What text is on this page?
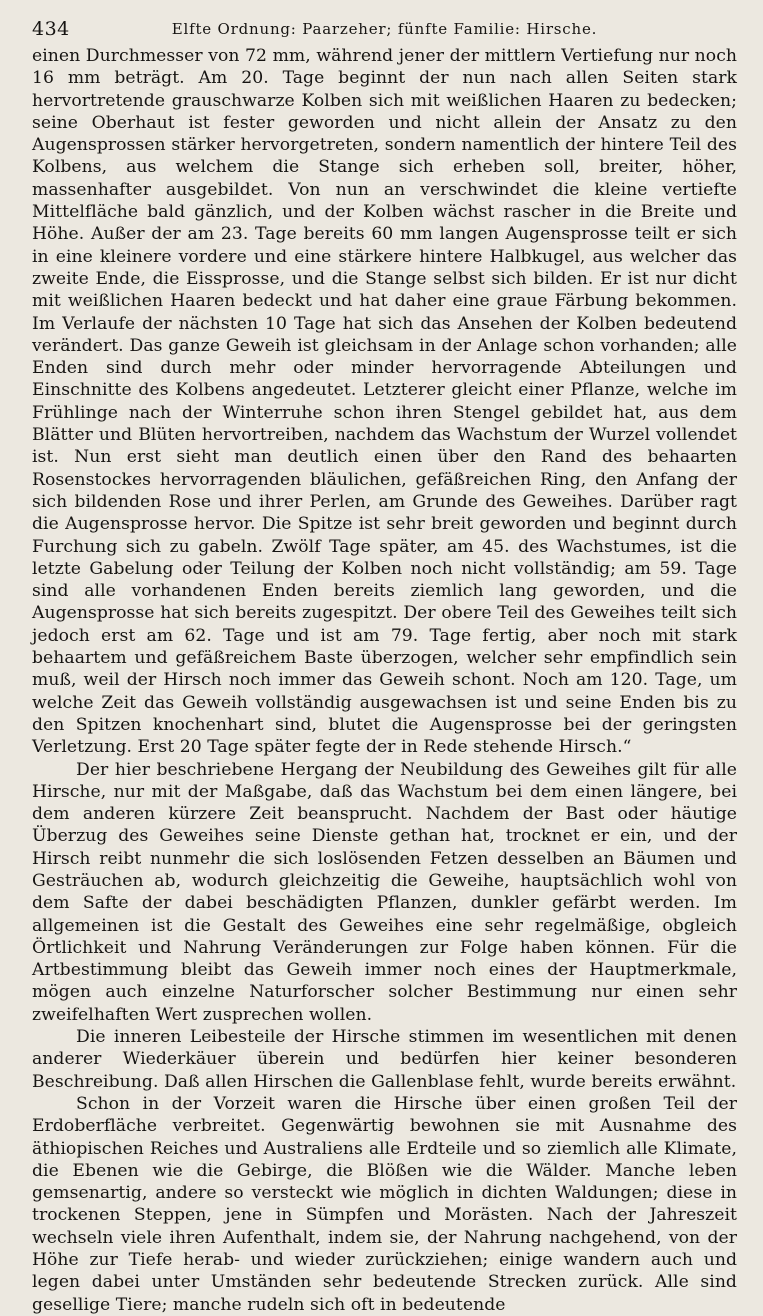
434	Elfte Ordnung: Paarzeher; fünfte Familie: Hirsche.

einen Durchmesser von 72 mm, während jener der mittlern Vertiefung nur noch 16 mm beträgt. Am 20. Tage beginnt der nun nach allen Seiten stark hervortretende grauschwarze Kolben sich mit weißlichen Haaren zu bedecken; seine Oberhaut ist fester geworden und nicht allein der Ansatz zu den Augensprossen stärker hervorgetreten, sondern namentlich der hintere Teil des Kolbens, aus welchem die Stange sich erheben soll, breiter, höher, massenhafter ausgebildet. Von nun an verschwindet die kleine vertiefte Mittelfläche bald gänzlich, und der Kolben wächst rascher in die Breite und Höhe. Außer der am 23. Tage bereits 60 mm langen Augensprosse teilt er sich in eine kleinere vordere und eine stärkere hintere Halbkugel, aus welcher das zweite Ende, die Eissprosse, und die Stange selbst sich bilden. Er ist nur dicht mit weißlichen Haaren bedeckt und hat daher eine graue Färbung bekommen. Im Verlaufe der nächsten 10 Tage hat sich das Ansehen der Kolben bedeutend verändert. Das ganze Geweih ist gleichsam in der Anlage schon vorhanden; alle Enden sind durch mehr oder minder hervorragende Abteilungen und Einschnitte des Kolbens angedeutet. Letzterer gleicht einer Pflanze, welche im Frühlinge nach der Winterruhe schon ihren Stengel gebildet hat, aus dem Blätter und Blüten hervortreiben, nachdem das Wachstum der Wurzel vollendet ist. Nun erst sieht man deutlich einen über den Rand des behaarten Rosenstockes hervorragenden bläulichen, gefäßreichen Ring, den Anfang der sich bildenden Rose und ihrer Perlen, am Grunde des Geweihes. Darüber ragt die Augensprosse hervor. Die Spitze ist sehr breit geworden und beginnt durch Furchung sich zu gabeln. Zwölf Tage später, am 45. des Wachstumes, ist die letzte Gabelung oder Teilung der Kolben noch nicht vollständig; am 59. Tage sind alle vorhandenen Enden bereits ziemlich lang geworden, und die Augensprosse hat sich bereits zugespitzt. Der obere Teil des Geweihes teilt sich jedoch erst am 62. Tage und ist am 79. Tage fertig, aber noch mit stark behaartem und gefäßreichem Baste überzogen, welcher sehr empfindlich sein muß, weil der Hirsch noch immer das Geweih schont. Noch am 120. Tage, um welche Zeit das Geweih vollständig ausgewachsen ist und seine Enden bis zu den Spitzen knochenhart sind, blutet die Augensprosse bei der geringsten Verletzung. Erst 20 Tage später fegte der in Rede stehende Hirsch.“

Der hier beschriebene Hergang der Neubildung des Geweihes gilt für alle Hirsche, nur mit der Maßgabe, daß das Wachstum bei dem einen längere, bei dem anderen kürzere Zeit beansprucht. Nachdem der Bast oder häutige Überzug des Geweihes seine Dienste gethan hat, trocknet er ein, und der Hirsch reibt nunmehr die sich loslösenden Fetzen desselben an Bäumen und Gesträuchen ab, wodurch gleichzeitig die Geweihe, hauptsächlich wohl von dem Safte der dabei beschädigten Pflanzen, dunkler gefärbt werden. Im allgemeinen ist die Gestalt des Geweihes eine sehr regelmäßige, obgleich Örtlichkeit und Nahrung Veränderungen zur Folge haben können. Für die Artbestimmung bleibt das Geweih immer noch eines der Hauptmerkmale, mögen auch einzelne Naturforscher solcher Bestimmung nur einen sehr zweifelhaften Wert zusprechen wollen.

Die inneren Leibesteile der Hirsche stimmen im wesentlichen mit denen anderer Wiederkäuer überein und bedürfen hier keiner besonderen Beschreibung. Daß allen Hirschen die Gallenblase fehlt, wurde bereits erwähnt.

Schon in der Vorzeit waren die Hirsche über einen großen Teil der Erdoberfläche verbreitet. Gegenwärtig bewohnen sie mit Ausnahme des äthiopischen Reiches und Australiens alle Erdteile und so ziemlich alle Klimate, die Ebenen wie die Gebirge, die Blößen wie die Wälder. Manche leben gemsenartig, andere so versteckt wie möglich in dichten Waldungen; diese in trockenen Steppen, jene in Sümpfen und Morästen. Nach der Jahreszeit wechseln viele ihren Aufenthalt, indem sie, der Nahrung nachgehend, von der Höhe zur Tiefe herab- und wieder zurückziehen; einige wandern auch und legen dabei unter Umständen sehr bedeutende Strecken zurück. Alle sind gesellige Tiere; manche rudeln sich oft in bedeutende
